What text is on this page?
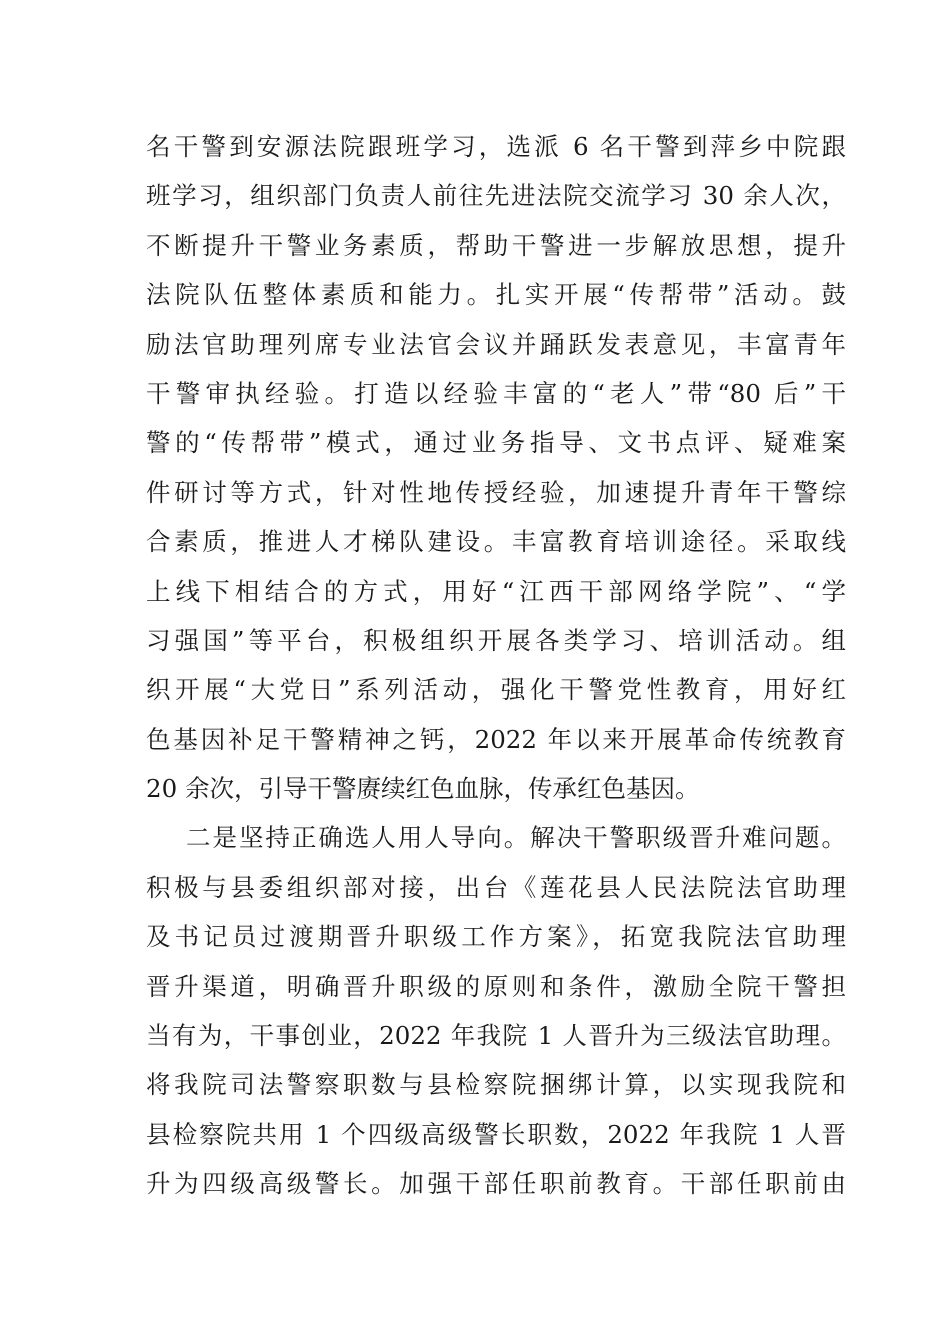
名干警到安源法院跟班学习，选派 6 名干警到萍乡中院跟
班学习，组织部门负责人前往先进法院交流学习 30 余人次，
不断提升干警业务素质，帮助干警进一步解放思想，提升
法院队伍整体素质和能力。扎实开展“传帮带”活动。鼓
励法官助理列席专业法官会议并踊跃发表意见，丰富青年
干警审执经验。打造以经验丰富的“老人”带“80 后”干
警的“传帮带”模式，通过业务指导、文书点评、疑难案
件研讨等方式，针对性地传授经验，加速提升青年干警综
合素质，推进人才梯队建设。丰富教育培训途径。采取线
上线下相结合的方式，用好“江西干部网络学院”、“学
习强国”等平台，积极组织开展各类学习、培训活动。组
织开展“大党日”系列活动，强化干警党性教育，用好红
色基因补足干警精神之钙，2022 年以来开展革命传统教育
20 余次，引导干警赓续红色血脉，传承红色基因。
二是坚持正确选人用人导向。解决干警职级晋升难问题。
积极与县委组织部对接，出台《莲花县人民法院法官助理
及书记员过渡期晋升职级工作方案》，拓宽我院法官助理
晋升渠道，明确晋升职级的原则和条件，激励全院干警担
当有为，干事创业，2022 年我院 1 人晋升为三级法官助理。
将我院司法警察职数与县检察院捆绑计算，以实现我院和
县检察院共用 1 个四级高级警长职数，2022 年我院 1 人晋
升为四级高级警长。加强干部任职前教育。干部任职前由
